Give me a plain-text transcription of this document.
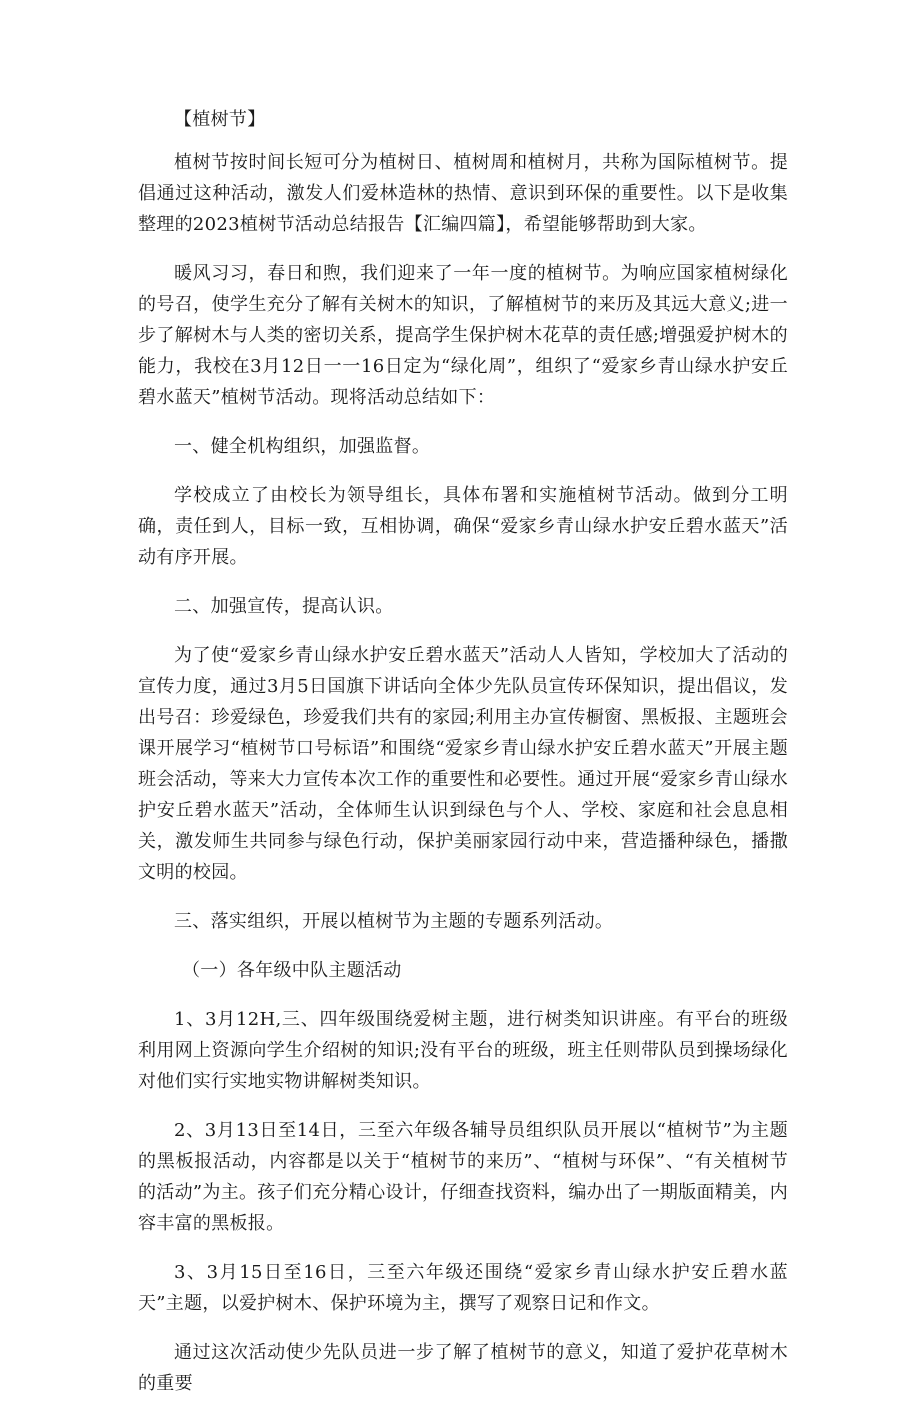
【植树节】

植树节按时间长短可分为植树日、植树周和植树月，共称为国际植树节。提倡通过这种活动，激发人们爱林造林的热情、意识到环保的重要性。以下是收集整理的2023植树节活动总结报告【汇编四篇】，希望能够帮助到大家。

暖风习习，春日和煦，我们迎来了一年一度的植树节。为响应国家植树绿化的号召，使学生充分了解有关树木的知识，了解植树节的来历及其远大意义;进一步了解树木与人类的密切关系，提高学生保护树木花草的责任感;增强爱护树木的能力，我校在3月12日一一16日定为“绿化周”，组织了“爱家乡青山绿水护安丘碧水蓝天”植树节活动。现将活动总结如下：

一、健全机构组织，加强监督。

学校成立了由校长为领导组长，具体布署和实施植树节活动。做到分工明确，责任到人，目标一致，互相协调，确保“爱家乡青山绿水护安丘碧水蓝天”活动有序开展。

二、加强宣传，提高认识。

为了使“爱家乡青山绿水护安丘碧水蓝天”活动人人皆知，学校加大了活动的宣传力度，通过3月5日国旗下讲话向全体少先队员宣传环保知识，提出倡议，发出号召：珍爱绿色，珍爱我们共有的家园;利用主办宣传橱窗、黑板报、主题班会课开展学习“植树节口号标语”和围绕“爱家乡青山绿水护安丘碧水蓝天”开展主题班会活动，等来大力宣传本次工作的重要性和必要性。通过开展“爱家乡青山绿水护安丘碧水蓝天”活动，全体师生认识到绿色与个人、学校、家庭和社会息息相关，激发师生共同参与绿色行动，保护美丽家园行动中来，营造播种绿色，播撒文明的校园。

三、落实组织，开展以植树节为主题的专题系列活动。

（一）各年级中队主题活动

1、3月12H,三、四年级围绕爱树主题，进行树类知识讲座。有平台的班级利用网上资源向学生介绍树的知识;没有平台的班级，班主任则带队员到操场绿化对他们实行实地实物讲解树类知识。

2、3月13日至14日，三至六年级各辅导员组织队员开展以“植树节”为主题的黑板报活动，内容都是以关于“植树节的来历”、“植树与环保”、“有关植树节的活动”为主。孩子们充分精心设计，仔细查找资料，编办出了一期版面精美，内容丰富的黑板报。

3、3月15日至16日，三至六年级还围绕“爱家乡青山绿水护安丘碧水蓝天”主题，以爱护树木、保护环境为主，撰写了观察日记和作文。

通过这次活动使少先队员进一步了解了植树节的意义，知道了爱护花草树木的重要
